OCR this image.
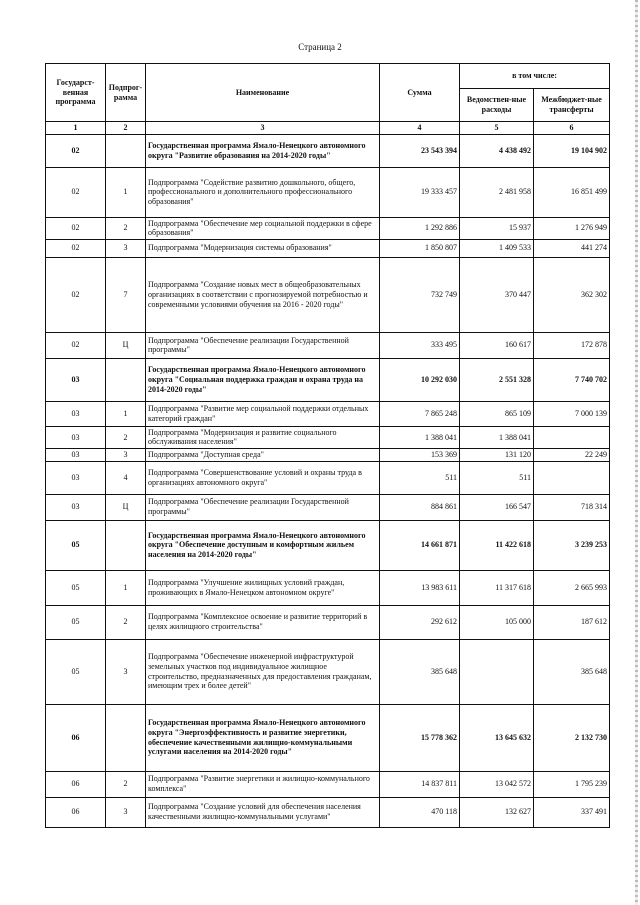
Страница 2
Государст-венная программа	Подпрог-рамма	Наименование	Сумма	в том числе:	
				Ведомствен-ные расходы	Межбюджет-ные трансферты
1	2	3	4	5	6
02		Государственная программа Ямало-Ненецкого автономного округа "Развитие образования на 2014-2020 годы"	23 543 394	4 438 492	19 104 902
02	1	Подпрограмма "Содействие развитию дошкольного, общего, профессионального и дополнительного профессионального образования"	19 333 457	2 481 958	16 851 499
02	2	Подпрограмма "Обеспечение мер социальной поддержки в сфере образования"	1 292 886	15 937	1 276 949
02	3	Подпрограмма "Модернизация системы образования"	1 850 807	1 409 533	441 274
02	7	Подпрограмма "Создание новых мест в общеобразовательных организациях в соответствии с прогнозируемой потребностью и современными условиями обучения на 2016 - 2020 годы"	732 749	370 447	362 302
02	Ц	Подпрограмма "Обеспечение реализации Государственной программы"	333 495	160 617	172 878
03		Государственная программа Ямало-Ненецкого автономного округа "Социальная поддержка граждан и охрана труда на 2014-2020 годы"	10 292 030	2 551 328	7 740 702
03	1	Подпрограмма "Развитие мер социальной поддержки отдельных категорий граждан"	7 865 248	865 109	7 000 139
03	2	Подпрограмма "Модернизация и развитие социального обслуживания населения"	1 388 041	1 388 041	
03	3	Подпрограмма "Доступная среда"	153 369	131 120	22 249
03	4	Подпрограмма "Совершенствование условий и охраны труда в организациях автономного округа"	511	511	
03	Ц	Подпрограмма "Обеспечение реализации Государственной программы"	884 861	166 547	718 314
05		Государственная программа Ямало-Ненецкого автономного округа "Обеспечение доступным и комфортным жильем населения на 2014-2020 годы"	14 661 871	11 422 618	3 239 253
05	1	Подпрограмма "Улучшение жилищных условий граждан, проживающих в Ямало-Ненецком автономном округе"	13 983 611	11 317 618	2 665 993
05	2	Подпрограмма "Комплексное освоение и развитие территорий в целях жилищного строительства"	292 612	105 000	187 612
05	3	Подпрограмма "Обеспечение инженерной инфраструктурой земельных участков под индивидуальное жилищное строительство, предназначенных для предоставления гражданам, имеющим трех и более детей"	385 648		385 648
06		Государственная программа Ямало-Ненецкого автономного округа "Энергоэффективность и развитие энергетики, обеспечение качественными жилищно-коммунальными услугами населения на 2014-2020 годы"	15 778 362	13 645 632	2 132 730
06	2	Подпрограмма "Развитие энергетики и жилищно-коммунального комплекса"	14 837 811	13 042 572	1 795 239
06	3	Подпрограмма "Создание условий для обеспечения населения качественными жилищно-коммунальными услугами"	470 118	132 627	337 491
